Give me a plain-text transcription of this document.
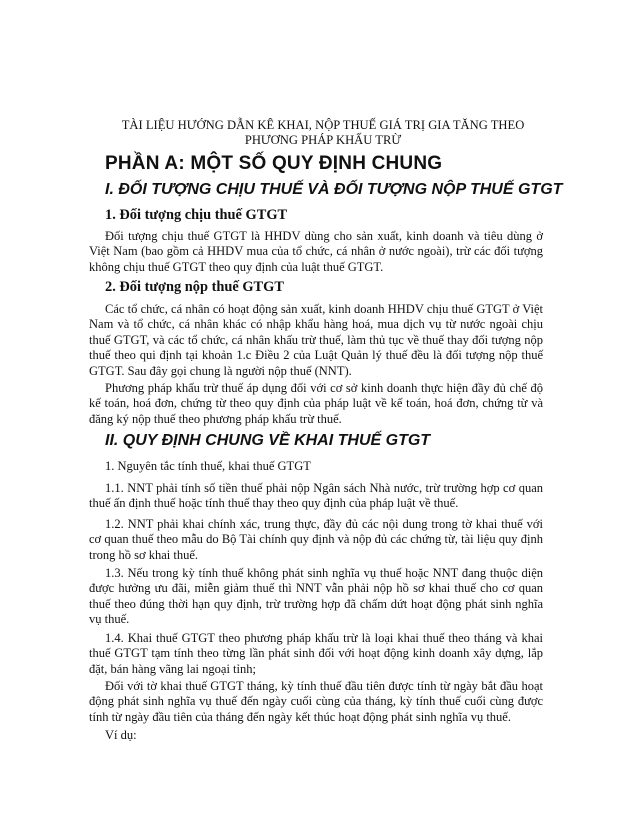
TÀI LIỆU HƯỚNG DẪN KÊ KHAI, NỘP THUẾ GIÁ TRỊ GIA TĂNG THEO
PHƯƠNG PHÁP KHẤU TRỪ
PHẦN A: MỘT SỐ QUY ĐỊNH CHUNG
I. ĐỐI TƯỢNG CHỊU THUẾ VÀ ĐỐI TƯỢNG NỘP THUẾ GTGT
1. Đối tượng chịu thuế GTGT
Đối tượng chịu thuế GTGT là HHDV dùng cho sản xuất, kinh doanh và tiêu dùng ở Việt Nam (bao gồm cả HHDV mua của tổ chức, cá nhân ở nước ngoài), trừ các đối tượng không chịu thuế GTGT theo quy định của luật thuế GTGT.
2. Đối tượng nộp thuế GTGT
Các tổ chức, cá nhân có hoạt động sản xuất, kinh doanh HHDV chịu thuế GTGT ở Việt Nam và tổ chức, cá nhân khác có nhập khẩu hàng hoá, mua dịch vụ từ nước ngoài chịu thuế GTGT, và các tổ chức, cá nhân khấu trừ thuế, làm thủ tục về thuế thay đối tượng nộp thuế theo qui định tại khoản 1.c Điều 2 của Luật Quản lý thuế đều là đối tượng nộp thuế GTGT. Sau đây gọi chung là người nộp thuế (NNT).
Phương pháp khấu trừ thuế áp dụng đối với cơ sở kinh doanh thực hiện đầy đủ chế độ kế toán, hoá đơn, chứng từ theo quy định của pháp luật về kế toán, hoá đơn, chứng từ và đăng ký nộp thuế theo phương pháp khấu trừ thuế.
II. QUY ĐỊNH CHUNG VỀ KHAI THUẾ GTGT
1. Nguyên tắc tính thuế, khai thuế GTGT
1.1. NNT phải tính số tiền thuế phải nộp Ngân sách Nhà nước, trừ trường hợp cơ quan thuế ấn định thuế hoặc tính thuế thay theo quy định của pháp luật về thuế.
1.2. NNT phải khai chính xác, trung thực, đầy đủ các nội dung trong tờ khai thuế với cơ quan thuế theo mẫu do Bộ Tài chính quy định và nộp đủ các chứng từ, tài liệu quy định trong hồ sơ khai thuế.
1.3. Nếu trong kỳ tính thuế không phát sinh nghĩa vụ thuế hoặc NNT đang thuộc diện được hưởng ưu đãi, miễn giảm thuế thì NNT vẫn phải nộp hồ sơ khai thuế cho cơ quan thuế theo đúng thời hạn quy định, trừ trường hợp đã chấm dứt hoạt động phát sinh nghĩa vụ thuế.
1.4. Khai thuế GTGT theo phương pháp khấu trừ là loại khai thuế theo tháng và khai thuế GTGT tạm tính theo từng lần phát sinh đối với hoạt động kinh doanh xây dựng, lắp đặt, bán hàng vãng lai ngoại tỉnh;
Đối với tờ khai thuế GTGT tháng, kỳ tính thuế đầu tiên được tính từ ngày bắt đầu hoạt động phát sinh nghĩa vụ thuế đến ngày cuối cùng của tháng, kỳ tính thuế cuối cùng được tính từ ngày đầu tiên của tháng đến ngày kết thúc hoạt động phát sinh nghĩa vụ thuế.
Ví dụ:
